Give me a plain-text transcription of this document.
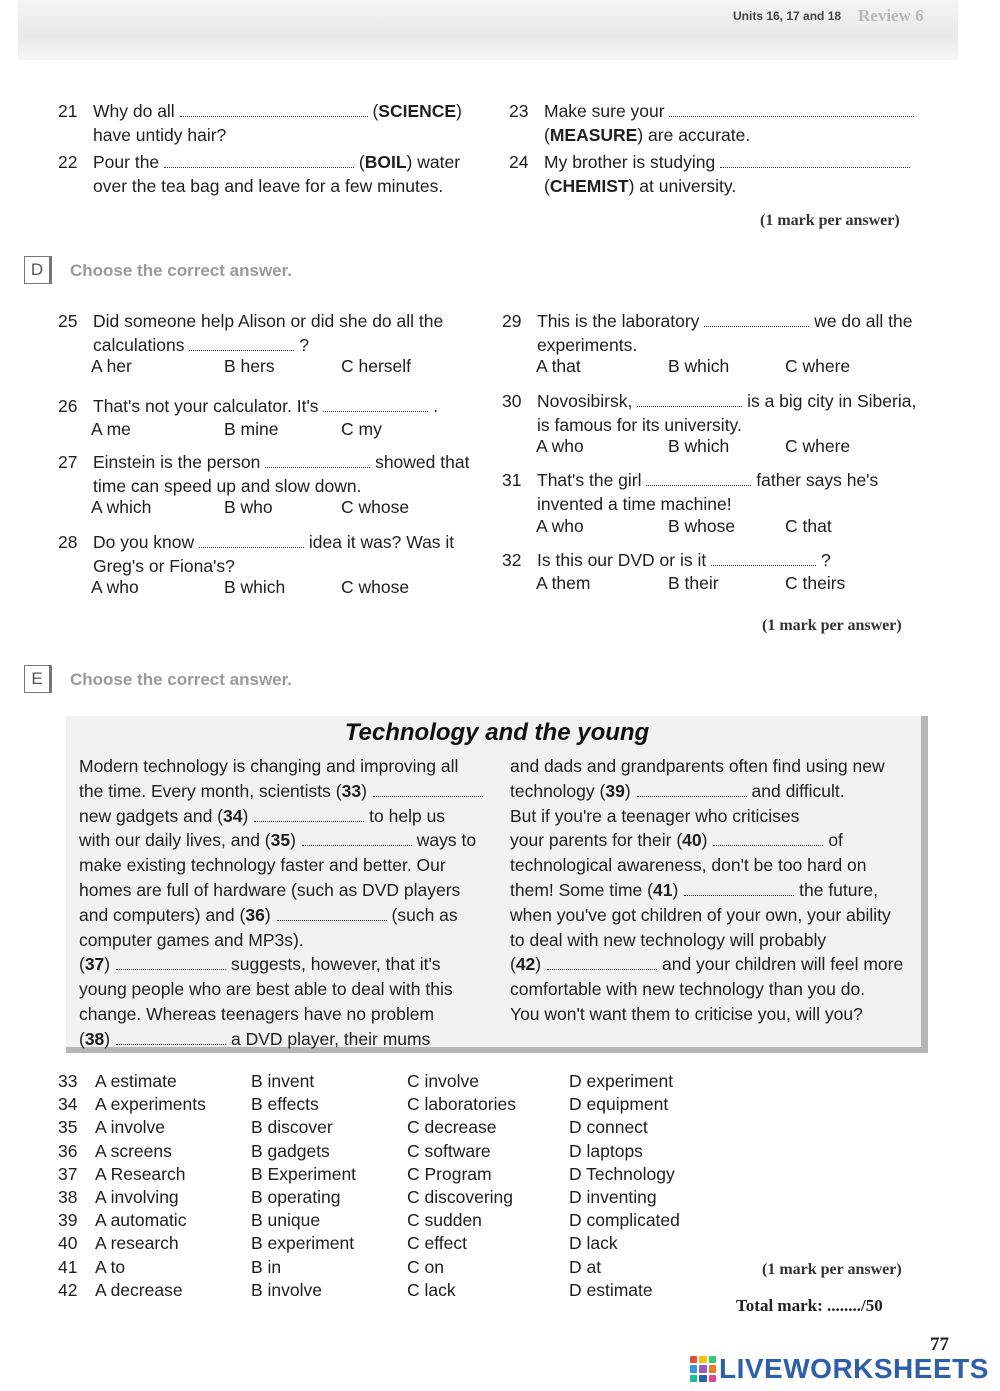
Units 16, 17 and 18 Review 6
21 Why do all	(SCIENCE) have untidy hair?
22 Pour the	(BOIL) water over the tea bag and leave for a few minutes.
23 Make sure your  (MEASURE) are accurate.
24 My brother is studying  (CHEMIST) at university.
(1 mark per answer)
D	Choose the correct answer.
25 Did someone help Alison or did she do all the calculations	?
A her	B hers	C herself
26 That's not your calculator. It's	.
A me	B mine	C my
27 Einstein is the person	showed that time can speed up and slow down.
A which	B who	C whose
28 Do you know	idea it was? Was it Greg's or Fiona's?
A who	B which	C whose
29 This is the laboratory	we do all the experiments.
A that	B which	C where
30 Novosibirsk,	is a big city in Siberia, is famous for its university.
A who	B which	C where
31 That's the girl	father says he's invented a time machine!
A who	B whose	C that
32 Is this our DVD or is it	?
A them	B their	C theirs
(1 mark per answer)
E	Choose the correct answer.
Technology and the young
Modern technology is changing and improving all
the time. Every month, scientists (33)
new gadgets and (34)	to help us
with our daily lives, and (35)	ways to
make existing technology faster and better. Our
homes are full of hardware (such as DVD players
and computers) and (36)	(such as
computer games and MP3s).
(37)	suggests, however, that it's
young people who are best able to deal with this
change. Whereas teenagers have no problem
(38)	a DVD player, their mums
and dads and grandparents often find using new
technology (39)	and difficult.
But if you're a teenager who criticises
your parents for their (40)	of
technological awareness, don't be too hard on
them! Some time (41)	the future,
when you've got children of your own, your ability
to deal with new technology will probably
(42)	and your children will feel more
comfortable with new technology than you do.
You won't want them to criticise you, will you?
33 A estimate	B invent	C involve	D experiment
34 A experiments	B effects	C laboratories	D equipment
35 A involve	B discover	C decrease	D connect
36 A screens	B gadgets	C software	D laptops
37 A Research	B Experiment	C Program	D Technology
38 A involving	B operating	C discovering	D inventing
39 A automatic	B unique	C sudden	D complicated
40 A research	B experiment	C effect	D lack
41 A to	B in	C on	D at
42 A decrease	B involve	C lack	D estimate
(1 mark per answer)
Total mark: ......../50
77
LIVEWORKSHEETS
